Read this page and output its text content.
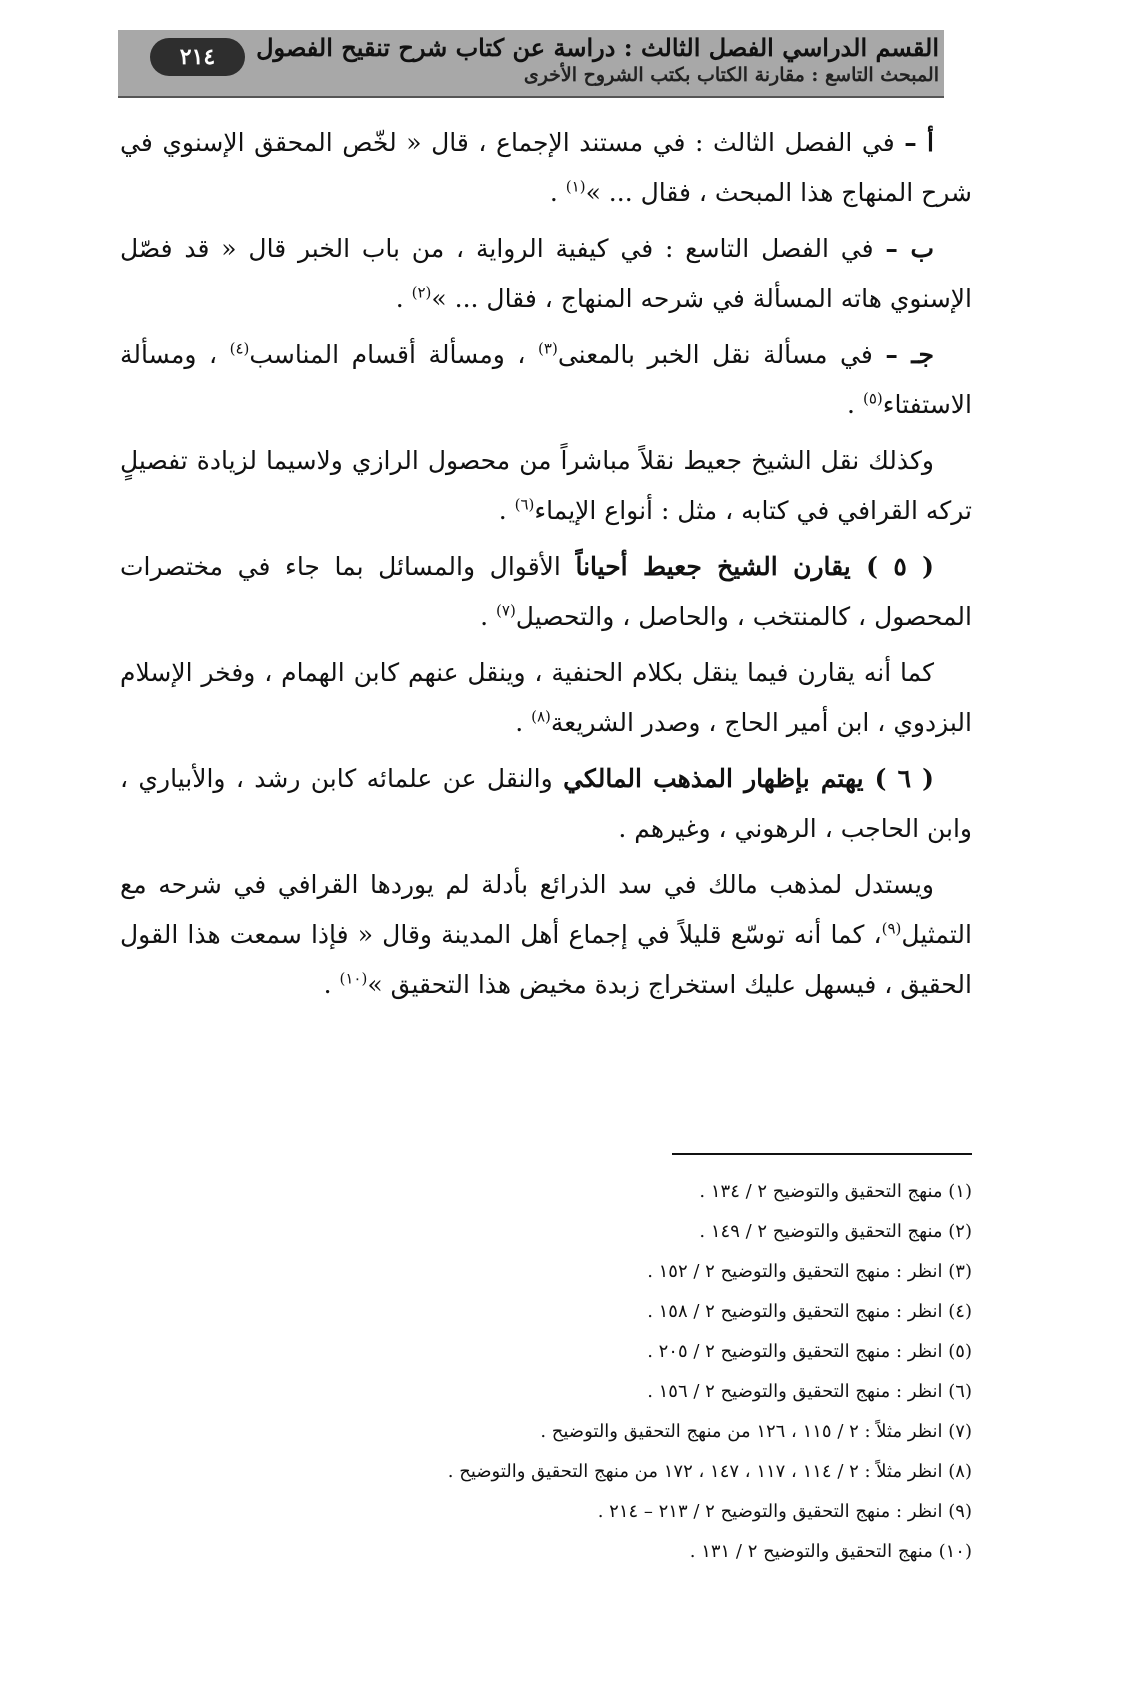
٢١٤	القسم الدراسي الفصل الثالث : دراسة عن كتاب شرح تنقيح الفصول
المبحث التاسع : مقارنة الكتاب بكتب الشروح الأخرى

أ – في الفصل الثالث : في مستند الإجماع ، قال « لخّص المحقق الإسنوي في شرح المنهاج هذا المبحث ، فقال ... »$^{(١)}$ .

ب – في الفصل التاسع : في كيفية الرواية ، من باب الخبر قال « قد فصّل الإسنوي هاته المسألة في شرحه المنهاج ، فقال ... »$^{(٢)}$ .

جـ – في مسألة نقل الخبر بالمعنى$^{(٣)}$ ، ومسألة أقسام المناسب$^{(٤)}$ ، ومسألة الاستفتاء$^{(٥)}$ .

وكذلك نقل الشيخ جعيط نقلاً مباشراً من محصول الرازي ولاسيما لزيادة تفصيلٍ تركه القرافي في كتابه ، مثل : أنواع الإيماء$^{(٦)}$ .

( ٥ ) يقارن الشيخ جعيط أحياناً الأقوال والمسائل بما جاء في مختصرات المحصول ، كالمنتخب ، والحاصل ، والتحصيل$^{(٧)}$ .

كما أنه يقارن فيما ينقل بكلام الحنفية ، وينقل عنهم كابن الهمام ، وفخر الإسلام البزدوي ، ابن أمير الحاج ، وصدر الشريعة$^{(٨)}$ .

( ٦ ) يهتم بإظهار المذهب المالكي والنقل عن علمائه كابن رشد ، والأبياري ، وابن الحاجب ، الرهوني ، وغيرهم .

ويستدل لمذهب مالك في سد الذرائع بأدلة لم يوردها القرافي في شرحه مع التمثيل$^{(٩)}$، كما أنه توسّع قليلاً في إجماع أهل المدينة وقال « فإذا سمعت هذا القول الحقيق ، فيسهل عليك استخراج زبدة مخيض هذا التحقيق »$^{(١٠)}$ .

(١) منهج التحقيق والتوضيح ٢ / ١٣٤ .
(٢) منهج التحقيق والتوضيح ٢ / ١٤٩ .
(٣) انظر : منهج التحقيق والتوضيح ٢ / ١٥٢ .
(٤) انظر : منهج التحقيق والتوضيح ٢ / ١٥٨ .
(٥) انظر : منهج التحقيق والتوضيح ٢ / ٢٠٥ .
(٦) انظر : منهج التحقيق والتوضيح ٢ / ١٥٦ .
(٧) انظر مثلاً : ٢ / ١١٥ ، ١٢٦ من منهج التحقيق والتوضيح .
(٨) انظر مثلاً : ٢ / ١١٤ ، ١١٧ ، ١٤٧ ، ١٧٢ من منهج التحقيق والتوضيح .
(٩) انظر : منهج التحقيق والتوضيح ٢ / ٢١٣ – ٢١٤ .
(١٠) منهج التحقيق والتوضيح ٢ / ١٣١ .
